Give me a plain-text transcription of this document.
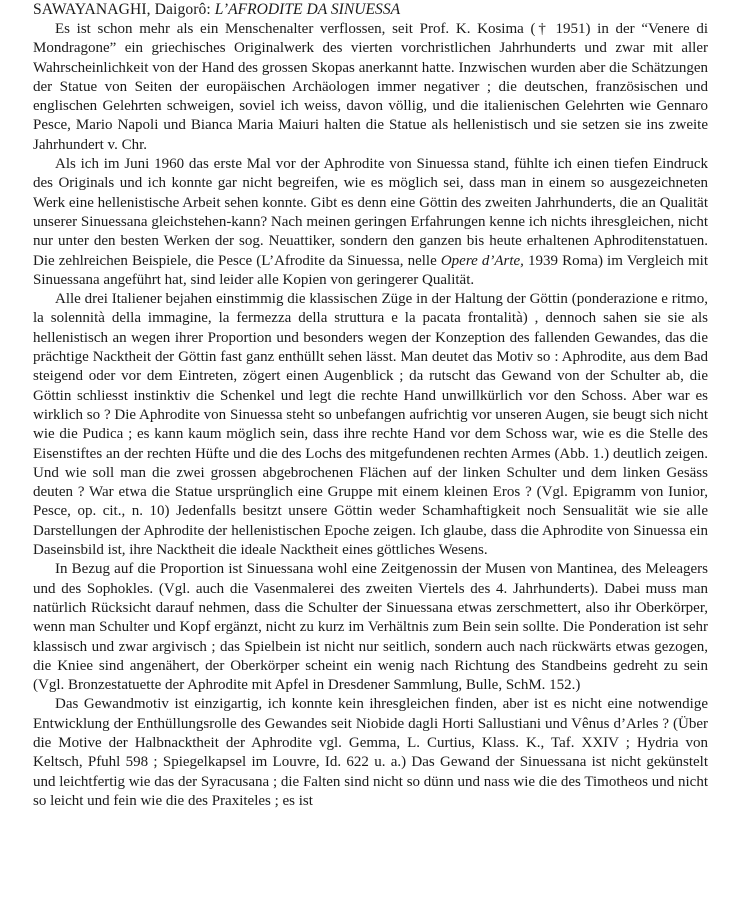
SAWAYANAGHI, Daigorô: L’AFRODITE DA SINUESSA

Es ist schon mehr als ein Menschenalter verflossen, seit Prof. K. Kosima († 1951) in der “Venere di Mondragone” ein griechisches Originalwerk des vierten vorchristlichen Jahrhunderts und zwar mit aller Wahrscheinlichkeit von der Hand des grossen Skopas anerkannt hatte. Inzwischen wurden aber die Schätzungen der Statue von Seiten der europäischen Archäologen immer negativer ; die deutschen, französischen und englischen Gelehrten schweigen, soviel ich weiss, davon völlig, und die italienischen Gelehrten wie Gennaro Pesce, Mario Napoli und Bianca Maria Maiuri halten die Statue als hellenistisch und sie setzen sie ins zweite Jahrhundert v. Chr.

Als ich im Juni 1960 das erste Mal vor der Aphrodite von Sinuessa stand, fühlte ich einen tiefen Eindruck des Originals und ich konnte gar nicht begreifen, wie es möglich sei, dass man in einem so ausgezeichneten Werk eine hellenistische Arbeit sehen konnte. Gibt es denn eine Göttin des zweiten Jahrhunderts, die an Qualität unserer Sinuessana gleichstehen-kann? Nach meinen geringen Erfahrungen kenne ich nichts ihresgleichen, nicht nur unter den besten Werken der sog. Neuattiker, sondern den ganzen bis heute erhaltenen Aphroditenstatuen. Die zehlreichen Beispiele, die Pesce (L’Afrodite da Sinuessa, nelle Opere d’Arte, 1939 Roma) im Vergleich mit Sinuessana angeführt hat, sind leider alle Kopien von geringerer Qualität.

Alle drei Italiener bejahen einstimmig die klassischen Züge in der Haltung der Göttin (ponderazione e ritmo, la solennità della immagine, la fermezza della struttura e la pacata frontalità) , dennoch sahen sie sie als hellenistisch an wegen ihrer Proportion und besonders wegen der Konzeption des fallenden Gewandes, das die prächtige Nacktheit der Göttin fast ganz enthüllt sehen lässt. Man deutet das Motiv so : Aphrodite, aus dem Bad steigend oder vor dem Eintreten, zögert einen Augenblick ; da rutscht das Gewand von der Schulter ab, die Göttin schliesst instinktiv die Schenkel und legt die rechte Hand unwillkürlich vor den Schoss. Aber war es wirklich so ? Die Aphrodite von Sinuessa steht so unbefangen aufrichtig vor unseren Augen, sie beugt sich nicht wie die Pudica ; es kann kaum möglich sein, dass ihre rechte Hand vor dem Schoss war, wie es die Stelle des Eisenstiftes an der rechten Hüfte und die des Lochs des mitgefundenen rechten Armes (Abb. 1.) deutlich zeigen. Und wie soll man die zwei grossen abgebrochenen Flächen auf der linken Schulter und dem linken Gesäss deuten ? War etwa die Statue ursprünglich eine Gruppe mit einem kleinen Eros ? (Vgl. Epigramm von Iunior, Pesce, op. cit., n. 10) Jedenfalls besitzt unsere Göttin weder Schamhaftigkeit noch Sensualität wie sie alle Darstellungen der Aphrodite der hellenistischen Epoche zeigen. Ich glaube, dass die Aphrodite von Sinuessa ein Daseinsbild ist, ihre Nacktheit die ideale Nacktheit eines göttliches Wesens.

In Bezug auf die Proportion ist Sinuessana wohl eine Zeitgenossin der Musen von Mantinea, des Meleagers und des Sophokles. (Vgl. auch die Vasenmalerei des zweiten Viertels des 4. Jahrhunderts). Dabei muss man natürlich Rücksicht darauf nehmen, dass die Schulter der Sinuessana etwas zerschmettert, also ihr Oberkörper, wenn man Schulter und Kopf ergänzt, nicht zu kurz im Verhältnis zum Bein sein sollte. Die Ponderation ist sehr klassisch und zwar argivisch ; das Spielbein ist nicht nur seitlich, sondern auch nach rückwärts etwas gezogen, die Kniee sind angenähert, der Oberkörper scheint ein wenig nach Richtung des Standbeins gedreht zu sein (Vgl. Bronzestatuette der Aphrodite mit Apfel in Dresdener Sammlung, Bulle, SchM. 152.)

Das Gewandmotiv ist einzigartig, ich konnte kein ihresgleichen finden, aber ist es nicht eine notwendige Entwicklung der Enthüllungsrolle des Gewandes seit Niobide dagli Horti Sallustiani und Vênus d’Arles ? (Über die Motive der Halbnacktheit der Aphrodite vgl. Gemma, L. Curtius, Klass. K., Taf. XXIV ; Hydria von Keltsch, Pfuhl 598 ; Spiegelkapsel im Louvre, Id. 622 u. a.) Das Gewand der Sinuessana ist nicht gekünstelt und leichtfertig wie das der Syracusana ; die Falten sind nicht so dünn und nass wie die des Timotheos und nicht so leicht und fein wie die des Praxiteles ; es ist
